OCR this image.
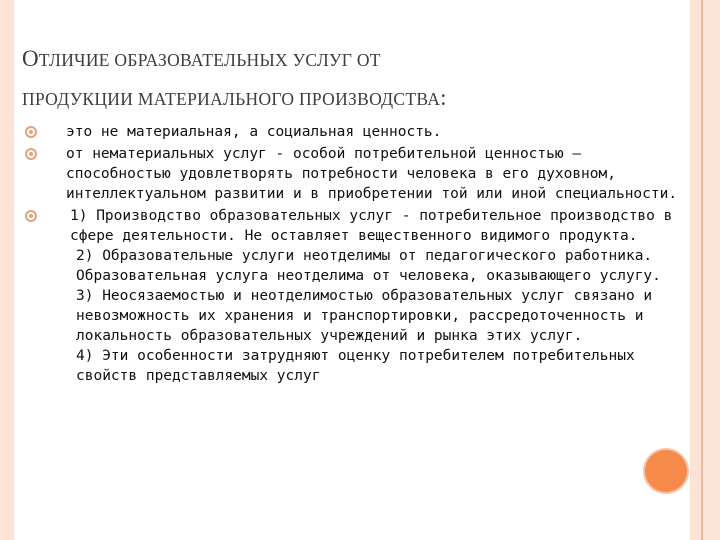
ОТЛИЧИЕ ОБРАЗОВАТЕЛЬНЫХ УСЛУГ ОТ
ПРОДУКЦИИ МАТЕРИАЛЬНОГО ПРОИЗВОДСТВА:
это не материальная, а социальная ценность.
от нематериальных услуг - особой потребительной ценностью – способностью удовлетворять потребности человека в его духовном, интеллектуальном развитии и в приобретении той или иной специальности.
1) Производство образовательных услуг - потребительное производство в сфере деятельности. Не оставляет вещественного видимого продукта.
2) Образовательные услуги неотделимы от педагогического работника. Образовательная услуга неотделима от человека, оказывающего услугу.
3) Неосязаемостью и неотделимостью образовательных услуг связано и невозможность их хранения и транспортировки, рассредоточенность и локальность образовательных учреждений и рынка этих услуг.
4) Эти особенности затрудняют оценку потребителем потребительных свойств представляемых услуг
